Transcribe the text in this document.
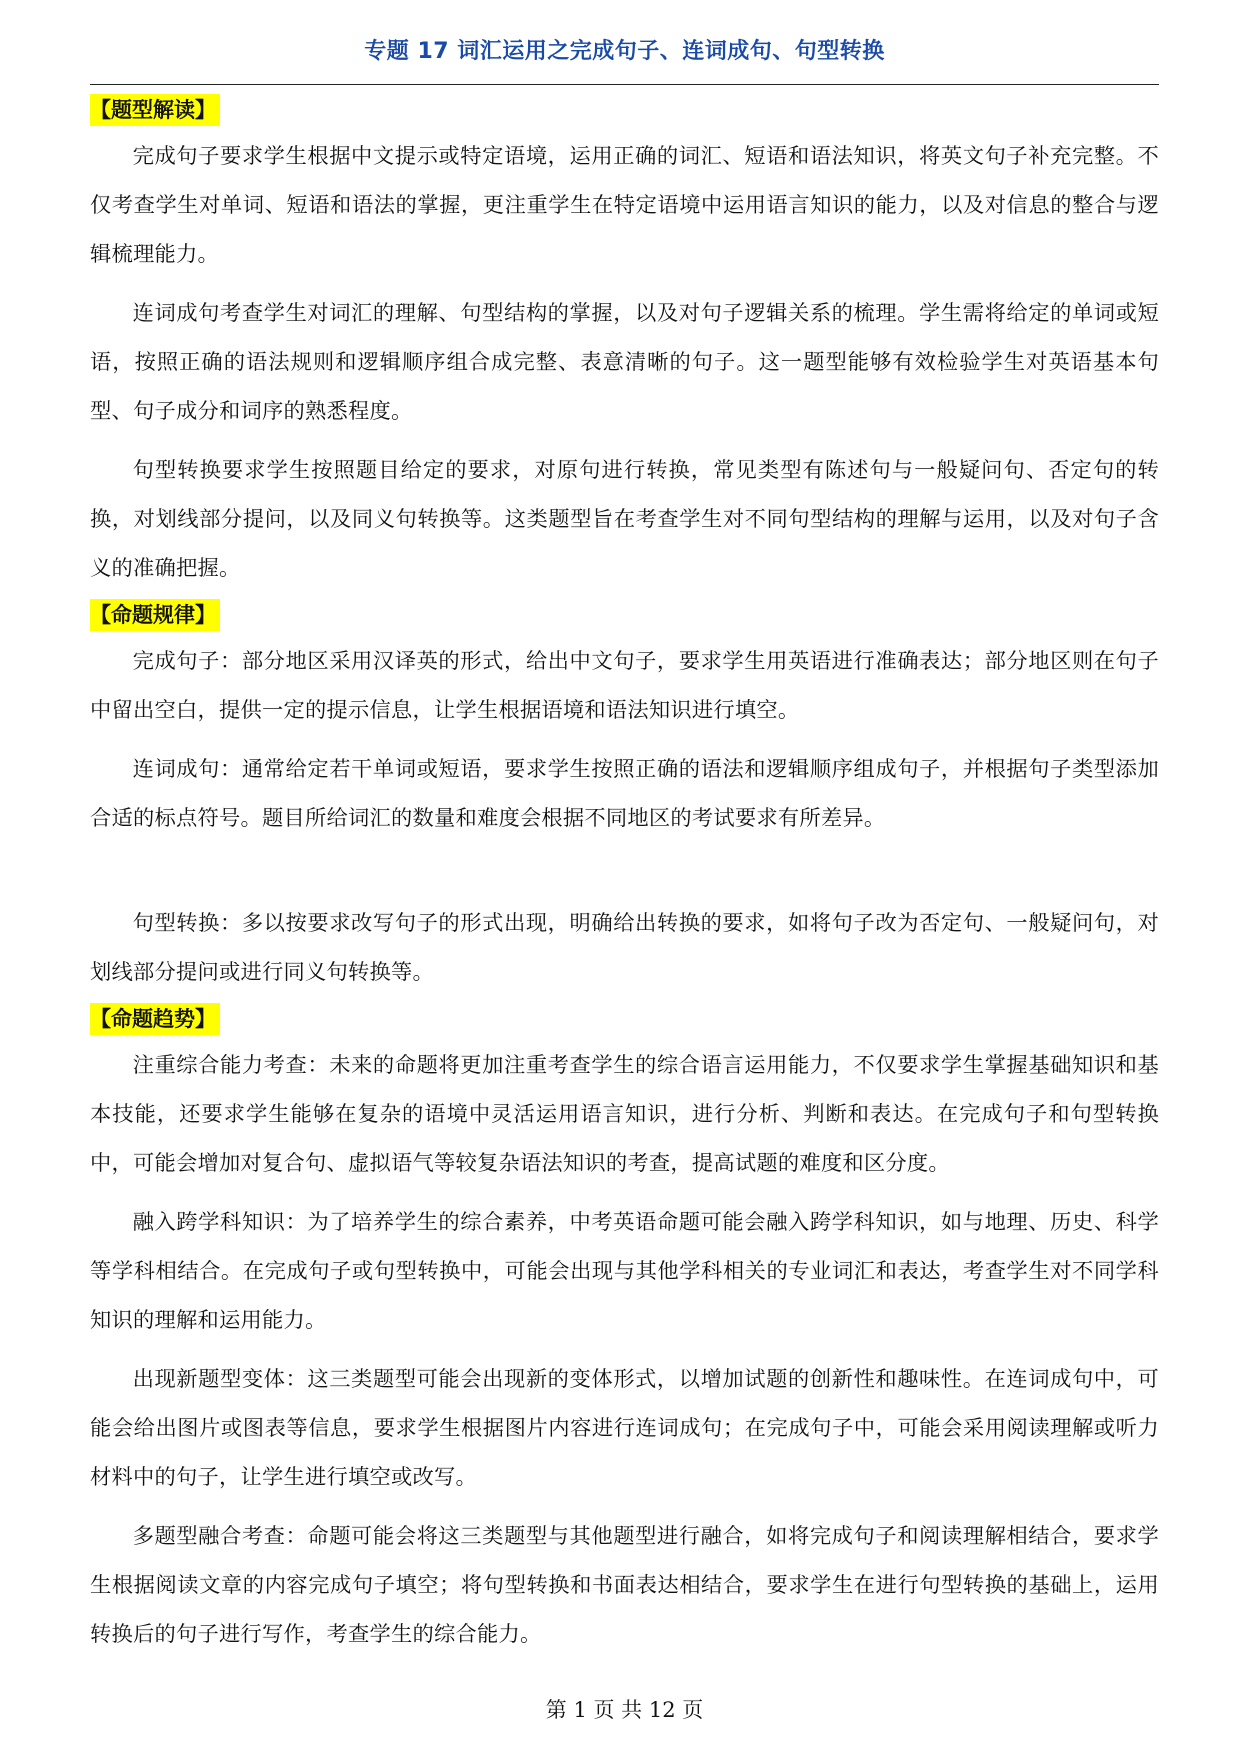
专题 17 词汇运用之完成句子、连词成句、句型转换
【题型解读】

完成句子要求学生根据中文提示或特定语境，运用正确的词汇、短语和语法知识，将英文句子补充完整。不仅考查学生对单词、短语和语法的掌握，更注重学生在特定语境中运用语言知识的能力，以及对信息的整合与逻辑梳理能力。

连词成句考查学生对词汇的理解、句型结构的掌握，以及对句子逻辑关系的梳理。学生需将给定的单词或短语，按照正确的语法规则和逻辑顺序组合成完整、表意清晰的句子。这一题型能够有效检验学生对英语基本句型、句子成分和词序的熟悉程度。

句型转换要求学生按照题目给定的要求，对原句进行转换，常见类型有陈述句与一般疑问句、否定句的转换，对划线部分提问，以及同义句转换等。这类题型旨在考查学生对不同句型结构的理解与运用，以及对句子含义的准确把握。

【命题规律】

完成句子：部分地区采用汉译英的形式，给出中文句子，要求学生用英语进行准确表达；部分地区则在句子中留出空白，提供一定的提示信息，让学生根据语境和语法知识进行填空。

连词成句：通常给定若干单词或短语，要求学生按照正确的语法和逻辑顺序组成句子，并根据句子类型添加合适的标点符号。题目所给词汇的数量和难度会根据不同地区的考试要求有所差异。

句型转换：多以按要求改写句子的形式出现，明确给出转换的要求，如将句子改为否定句、一般疑问句，对划线部分提问或进行同义句转换等。

【命题趋势】

注重综合能力考查：未来的命题将更加注重考查学生的综合语言运用能力，不仅要求学生掌握基础知识和基本技能，还要求学生能够在复杂的语境中灵活运用语言知识，进行分析、判断和表达。在完成句子和句型转换中，可能会增加对复合句、虚拟语气等较复杂语法知识的考查，提高试题的难度和区分度。

融入跨学科知识：为了培养学生的综合素养，中考英语命题可能会融入跨学科知识，如与地理、历史、科学等学科相结合。在完成句子或句型转换中，可能会出现与其他学科相关的专业词汇和表达，考查学生对不同学科知识的理解和运用能力。

出现新题型变体：这三类题型可能会出现新的变体形式，以增加试题的创新性和趣味性。在连词成句中，可能会给出图片或图表等信息，要求学生根据图片内容进行连词成句；在完成句子中，可能会采用阅读理解或听力材料中的句子，让学生进行填空或改写。

多题型融合考查：命题可能会将这三类题型与其他题型进行融合，如将完成句子和阅读理解相结合，要求学生根据阅读文章的内容完成句子填空；将句型转换和书面表达相结合，要求学生在进行句型转换的基础上，运用转换后的句子进行写作，考查学生的综合能力。

第 1 页 共 12 页
